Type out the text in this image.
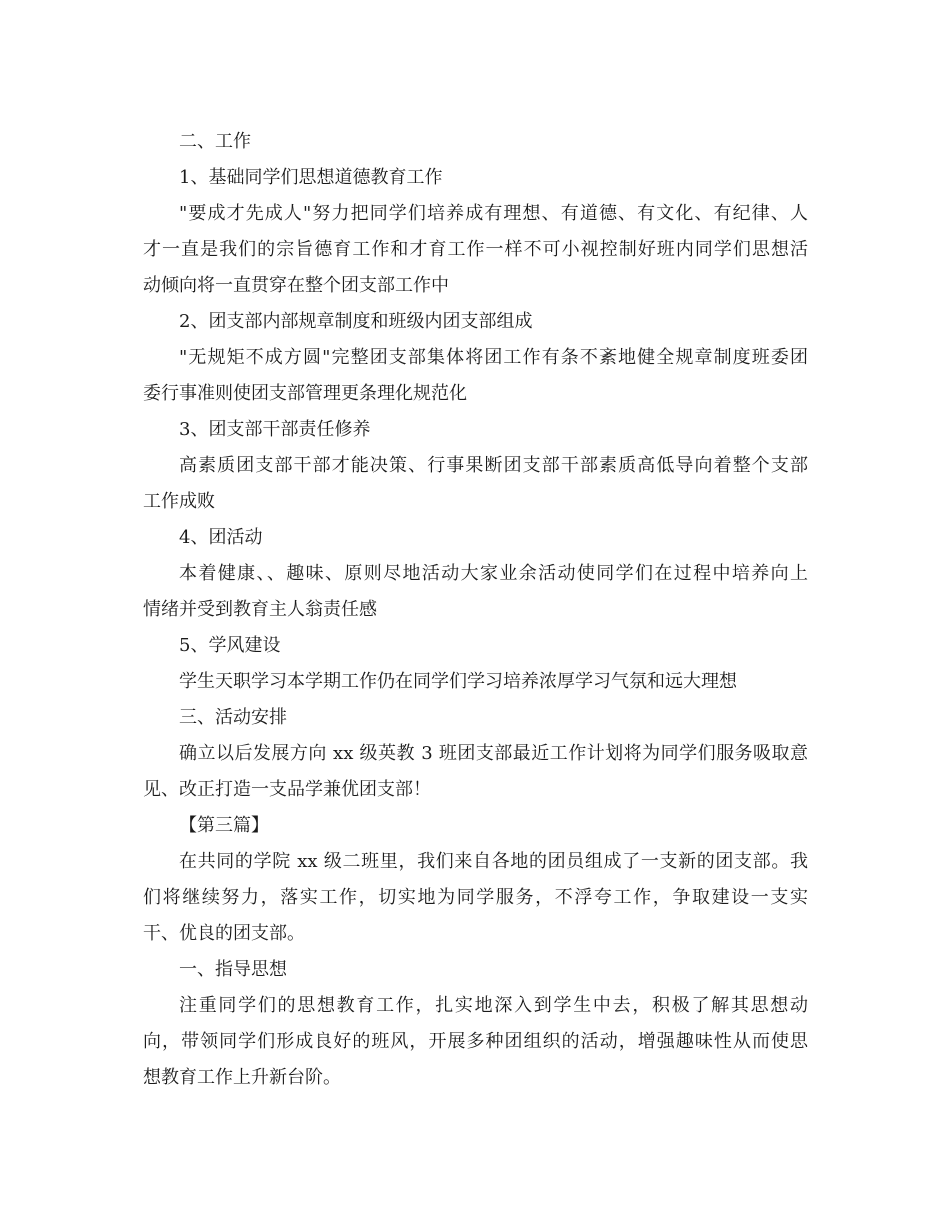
二、工作
1、基础同学们思想道德教育工作
"要成才先成人"努力把同学们培养成有理想、有道德、有文化、有纪律、人
才一直是我们的宗旨德育工作和才育工作一样不可小视控制好班内同学们思想活
动倾向将一直贯穿在整个团支部工作中
2、团支部内部规章制度和班级内团支部组成
"无规矩不成方圆"完整团支部集体将团工作有条不紊地健全规章制度班委团
委行事准则使团支部管理更条理化规范化
3、团支部干部责任修养
高素质团支部干部才能决策、行事果断团支部干部素质高低导向着整个支部
工作成败
4、团活动
本着健康、、趣味、原则尽地活动大家业余活动使同学们在过程中培养向上
情绪并受到教育主人翁责任感
5、学风建设
学生天职学习本学期工作仍在同学们学习培养浓厚学习气氛和远大理想
三、活动安排
确立以后发展方向 xx 级英教 3 班团支部最近工作计划将为同学们服务吸取意
见、改正打造一支品学兼优团支部！
【第三篇】
在共同的学院 xx 级二班里，我们来自各地的团员组成了一支新的团支部。我
们将继续努力，落实工作，切实地为同学服务，不浮夸工作，争取建设一支实
干、优良的团支部。
一、指导思想
注重同学们的思想教育工作，扎实地深入到学生中去，积极了解其思想动
向，带领同学们形成良好的班风，开展多种团组织的活动，增强趣味性从而使思
想教育工作上升新台阶。
